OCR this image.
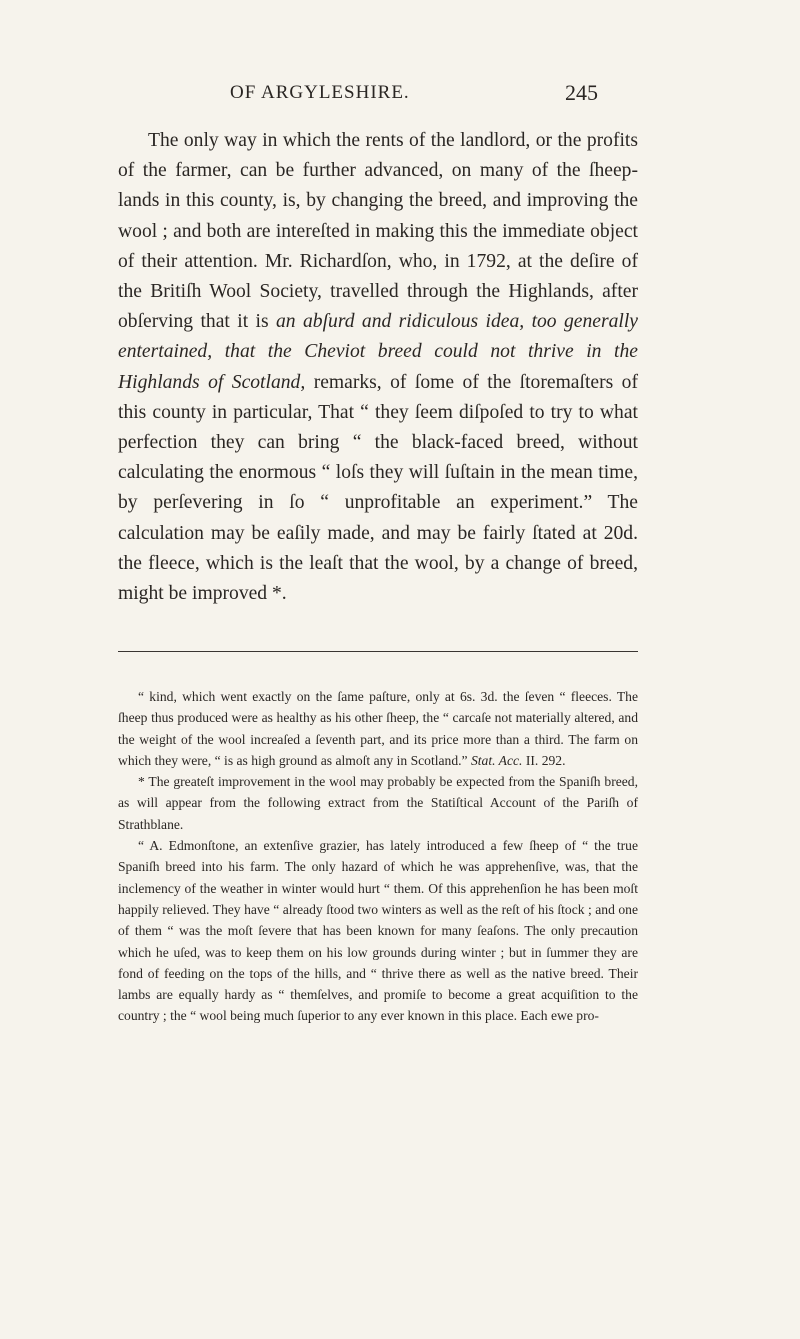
OF ARGYLESHIRE.	245

The only way in which the rents of the landlord, or the profits of the farmer, can be further advanced, on many of the ſheep-lands in this county, is, by changing the breed, and improving the wool ; and both are intereſted in making this the immediate object of their attention. Mr. Richardſon, who, in 1792, at the deſire of the Britiſh Wool Society, travelled through the Highlands, after obſerving that it is an abſurd and ridiculous idea, too generally entertained, that the Cheviot breed could not thrive in the Highlands of Scotland, remarks, of ſome of the ſtoremaſters of this county in particular, That “ they ſeem diſpoſed to try to what perfection they can bring “ the black-faced breed, without calculating the enormous “ loſs they will ſuſtain in the mean time, by perſevering in ſo “ unprofitable an experiment.” The calculation may be eaſily made, and may be fairly ſtated at 20d. the fleece, which is the leaſt that the wool, by a change of breed, might be improved *.

“ kind, which went exactly on the ſame paſture, only at 6s. 3d. the ſeven “ fleeces. The ſheep thus produced were as healthy as his other ſheep, the “ carcaſe not materially altered, and the weight of the wool increaſed a ſeventh part, and its price more than a third. The farm on which they were, “ is as high ground as almoſt any in Scotland.” Stat. Acc. II. 292.

* The greateſt improvement in the wool may probably be expected from the Spaniſh breed, as will appear from the following extract from the Statiſtical Account of the Pariſh of Strathblane.

“ A. Edmonſtone, an extenſive grazier, has lately introduced a few ſheep of “ the true Spaniſh breed into his farm. The only hazard of which he was apprehenſive, was, that the inclemency of the weather in winter would hurt “ them. Of this apprehenſion he has been moſt happily relieved. They have “ already ſtood two winters as well as the reſt of his ſtock ; and one of them “ was the moſt ſevere that has been known for many ſeaſons. The only precaution which he uſed, was to keep them on his low grounds during winter ; but in ſummer they are fond of feeding on the tops of the hills, and “ thrive there as well as the native breed. Their lambs are equally hardy as “ themſelves, and promiſe to become a great acquiſition to the country ; the “ wool being much ſuperior to any ever known in this place. Each ewe pro-
